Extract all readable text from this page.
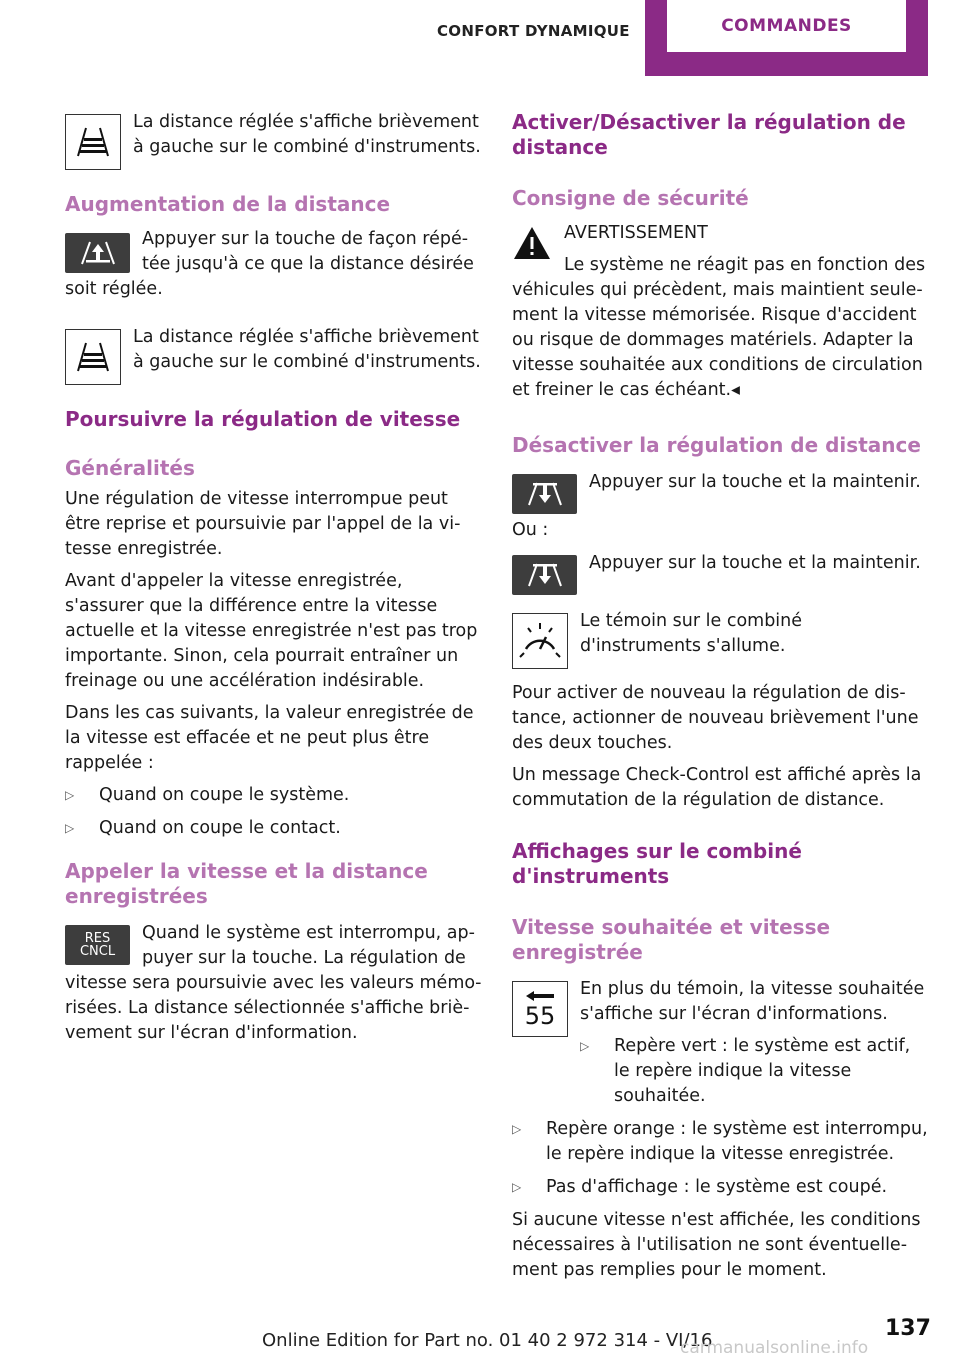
CONFORT DYNAMIQUE	COMMANDES

La distance réglée s'affiche brièvement à gauche sur le combiné d'instruments.

Augmentation de la distance

Appuyer sur la touche de façon répétée jusqu'à ce que la distance désirée soit réglée.

La distance réglée s'affiche brièvement à gauche sur le combiné d'instruments.

Poursuivre la régulation de vitesse
Généralités

Une régulation de vitesse interrompue peut être reprise et poursuivie par l'appel de la vitesse enregistrée.

Avant d'appeler la vitesse enregistrée, s'assurer que la différence entre la vitesse actuelle et la vitesse enregistrée n'est pas trop importante. Sinon, cela pourrait entraîner un freinage ou une accélération indésirable.

Dans les cas suivants, la valeur enregistrée de la vitesse est effacée et ne peut plus être rappelée :

▷ Quand on coupe le système.
▷ Quand on coupe le contact.
Appeler la vitesse et la distance enregistrées
RES
CNCL

Quand le système est interrompu, appuyer sur la touche. La régulation de vitesse sera poursuivie avec les valeurs mémorisées. La distance sélectionnée s'affiche brièvement sur l'écran d'information.

Activer/Désactiver la régulation de distance
Consigne de sécurité

AVERTISSEMENT

Le système ne réagit pas en fonction des véhicules qui précèdent, mais maintient seulement la vitesse mémorisée. Risque d'accident ou risque de dommages matériels. Adapter la vitesse souhaitée aux conditions de circulation et freiner le cas échéant.◂

Désactiver la régulation de distance

Appuyer sur la touche et la maintenir.

Ou :

Appuyer sur la touche et la maintenir.

Le témoin sur le combiné d'instruments s'allume.

Pour activer de nouveau la régulation de distance, actionner de nouveau brièvement l'une des deux touches.

Un message Check-Control est affiché après la commutation de la régulation de distance.

Affichages sur le combiné d'instruments
Vitesse souhaitée et vitesse enregistrée
55

En plus du témoin, la vitesse souhaitée s'affiche sur l'écran d'informations.

▷ Repère vert : le système est actif, le repère indique la vitesse souhaitée.
▷ Repère orange : le système est interrompu, le repère indique la vitesse enregistrée.
▷ Pas d'affichage : le système est coupé.

Si aucune vitesse n'est affichée, les conditions nécessaires à l'utilisation ne sont éventuellement pas remplies pour le moment.

Online Edition for Part no. 01 40 2 972 314 - VI/16	137
carmanualsonline.info
